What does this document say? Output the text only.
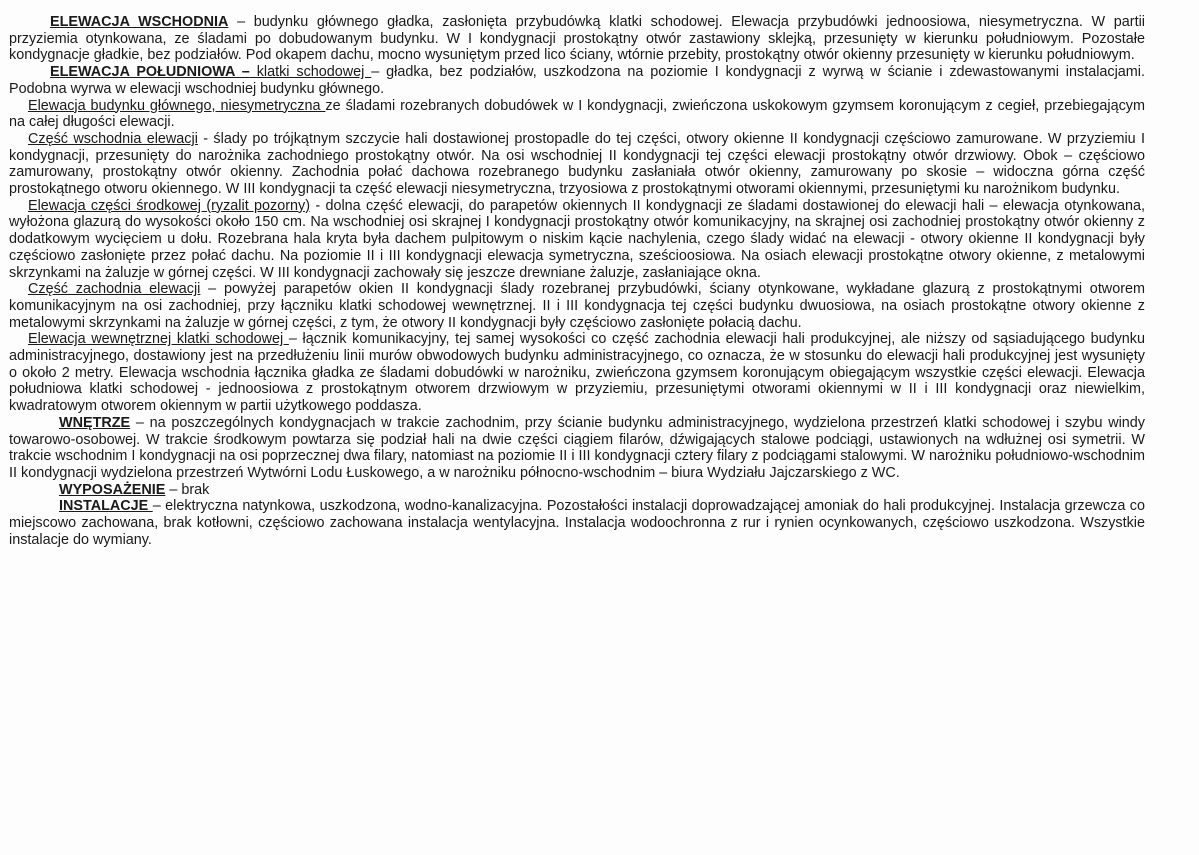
ELEWACJA WSCHODNIA – budynku głównego gładka, zasłonięta przybudówką klatki schodowej. Elewacja przybudówki jednoosiowa, niesymetryczna. W partii przyziemia otynkowana, ze śladami po dobudowanym budynku. W I kondygnacji prostokątny otwór zastawiony sklejką, przesunięty w kierunku południowym. Pozostałe kondygnacje gładkie, bez podziałów. Pod okapem dachu, mocno wysuniętym przed lico ściany, wtórnie przebity, prostokątny otwór okienny przesunięty w kierunku południowym.

ELEWACJA POŁUDNIOWA – klatki schodowej – gładka, bez podziałów, uszkodzona na poziomie I kondygnacji z wyrwą w ścianie i zdewastowanymi instalacjami. Podobna wyrwa w elewacji wschodniej budynku głównego.

Elewacja budynku głównego, niesymetryczna ze śladami rozebranych dobudówek w I kondygnacji, zwieńczona uskokowym gzymsem koronującym z cegieł, przebiegającym na całej długości elewacji.

Część wschodnia elewacji - ślady po trójkątnym szczycie hali dostawionej prostopadle do tej części, otwory okienne II kondygnacji częściowo zamurowane. W przyziemiu I kondygnacji, przesunięty do narożnika zachodniego prostokątny otwór. Na osi wschodniej II kondygnacji tej części elewacji prostokątny otwór drzwiowy. Obok – częściowo zamurowany, prostokątny otwór okienny. Zachodnia połać dachowa rozebranego budynku zasłaniała otwór okienny, zamurowany po skosie – widoczna górna część prostokątnego otworu okiennego. W III kondygnacji ta część elewacji niesymetryczna, trzyosiowa z prostokątnymi otworami okiennymi, przesuniętymi ku narożnikom budynku.

Elewacja części środkowej (ryzalit pozorny) - dolna część elewacji, do parapetów okiennych II kondygnacji ze śladami dostawionej do elewacji hali – elewacja otynkowana, wyłożona glazurą do wysokości około 150 cm. Na wschodniej osi skrajnej I kondygnacji prostokątny otwór komunikacyjny, na skrajnej osi zachodniej prostokątny otwór okienny z dodatkowym wycięciem u dołu. Rozebrana hala kryta była dachem pulpitowym o niskim kącie nachylenia, czego ślady widać na elewacji - otwory okienne II kondygnacji były częściowo zasłonięte przez połać dachu. Na poziomie II i III kondygnacji elewacja symetryczna, sześcioosiowa. Na osiach elewacji prostokątne otwory okienne, z metalowymi skrzynkami na żaluzje w górnej części. W III kondygnacji zachowały się jeszcze drewniane żaluzje, zasłaniające okna.

Część zachodnia elewacji – powyżej parapetów okien II kondygnacji ślady rozebranej przybudówki, ściany otynkowane, wykładane glazurą z prostokątnymi otworem komunikacyjnym na osi zachodniej, przy łączniku klatki schodowej wewnętrznej. II i III kondygnacja tej części budynku dwuosiowa, na osiach prostokątne otwory okienne z metalowymi skrzynkami na żaluzje w górnej części, z tym, że otwory II kondygnacji były częściowo zasłonięte połacią dachu.

Elewacja wewnętrznej klatki schodowej – łącznik komunikacyjny, tej samej wysokości co część zachodnia elewacji hali produkcyjnej, ale niższy od sąsiadującego budynku administracyjnego, dostawiony jest na przedłużeniu linii murów obwodowych budynku administracyjnego, co oznacza, że w stosunku do elewacji hali produkcyjnej jest wysunięty o około 2 metry. Elewacja wschodnia łącznika gładka ze śladami dobudówki w narożniku, zwieńczona gzymsem koronującym obiegającym wszystkie części elewacji. Elewacja południowa klatki schodowej - jednoosiowa z prostokątnym otworem drzwiowym w przyziemiu, przesuniętymi otworami okiennymi w II i III kondygnacji oraz niewielkim, kwadratowym otworem okiennym w partii użytkowego poddasza.

WNĘTRZE – na poszczególnych kondygnacjach w trakcie zachodnim, przy ścianie budynku administracyjnego, wydzielona przestrzeń klatki schodowej i szybu windy towarowo-osobowej. W trakcie środkowym powtarza się podział hali na dwie części ciągiem filarów, dźwigających stalowe podciągi, ustawionych na wdłużnej osi symetrii. W trakcie wschodnim I kondygnacji na osi poprzecznej dwa filary, natomiast na poziomie II i III kondygnacji cztery filary z podciągami stalowymi. W narożniku południowo-wschodnim II kondygnacji wydzielona przestrzeń Wytwórni Lodu Łuskowego, a w narożniku północno-wschodnim – biura Wydziału Jajczarskiego z WC.

WYPOSAŻENIE – brak

INSTALACJE – elektryczna natynkowa, uszkodzona, wodno-kanalizacyjna. Pozostałości instalacji doprowadzającej amoniak do hali produkcyjnej. Instalacja grzewcza co miejscowo zachowana, brak kotłowni, częściowo zachowana instalacja wentylacyjna. Instalacja wodoochronna z rur i rynien ocynkowanych, częściowo uszkodzona. Wszystkie instalacje do wymiany.
